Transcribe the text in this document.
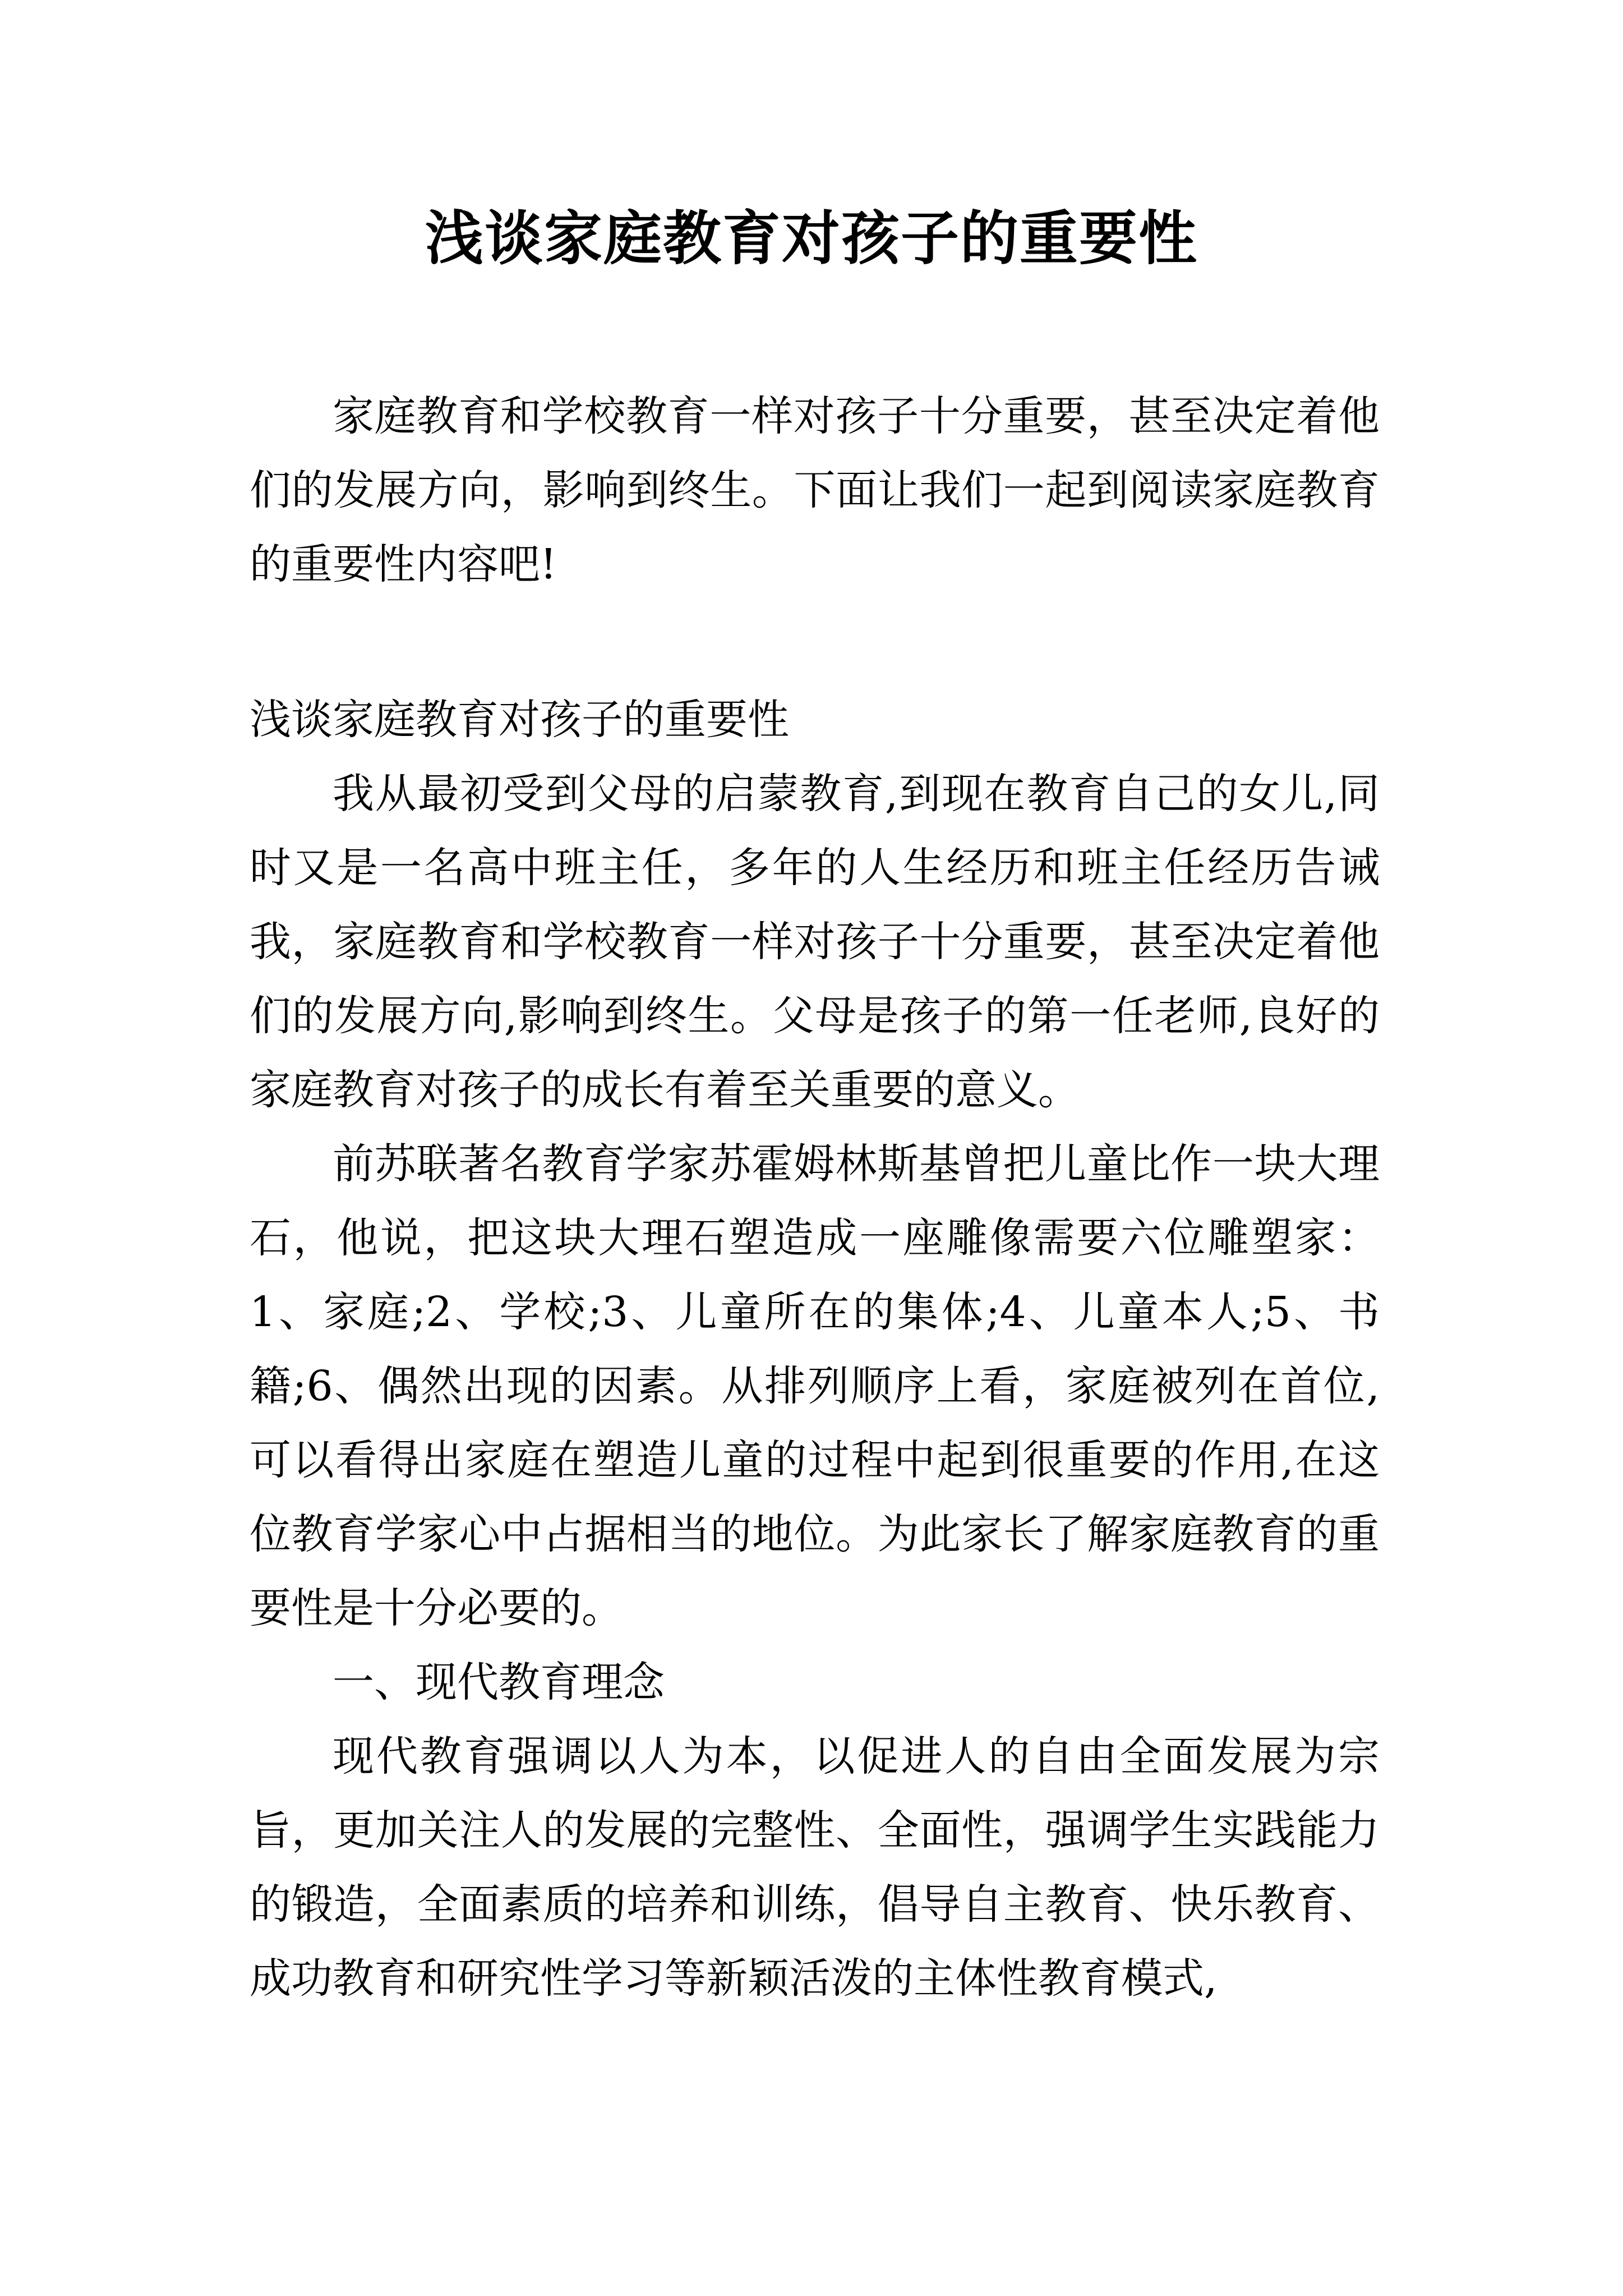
浅谈家庭教育对孩子的重要性

家庭教育和学校教育一样对孩子十分重要，甚至决定着他们的发展方向，影响到终生。下面让我们一起到阅读家庭教育的重要性内容吧!

浅谈家庭教育对孩子的重要性

我从最初受到父母的启蒙教育,到现在教育自己的女儿,同时又是一名高中班主任，多年的人生经历和班主任经历告诫我，家庭教育和学校教育一样对孩子十分重要，甚至决定着他们的发展方向,影响到终生。父母是孩子的第一任老师,良好的家庭教育对孩子的成长有着至关重要的意义。

前苏联著名教育学家苏霍姆林斯基曾把儿童比作一块大理石，他说，把这块大理石塑造成一座雕像需要六位雕塑家：1、家庭;2、学校;3、儿童所在的集体;4、儿童本人;5、书籍;6、偶然出现的因素。从排列顺序上看，家庭被列在首位,可以看得出家庭在塑造儿童的过程中起到很重要的作用,在这位教育学家心中占据相当的地位。为此家长了解家庭教育的重要性是十分必要的。

一、现代教育理念

现代教育强调以人为本，以促进人的自由全面发展为宗旨，更加关注人的发展的完整性、全面性，强调学生实践能力的锻造，全面素质的培养和训练，倡导自主教育、快乐教育、成功教育和研究性学习等新颖活泼的主体性教育模式,
